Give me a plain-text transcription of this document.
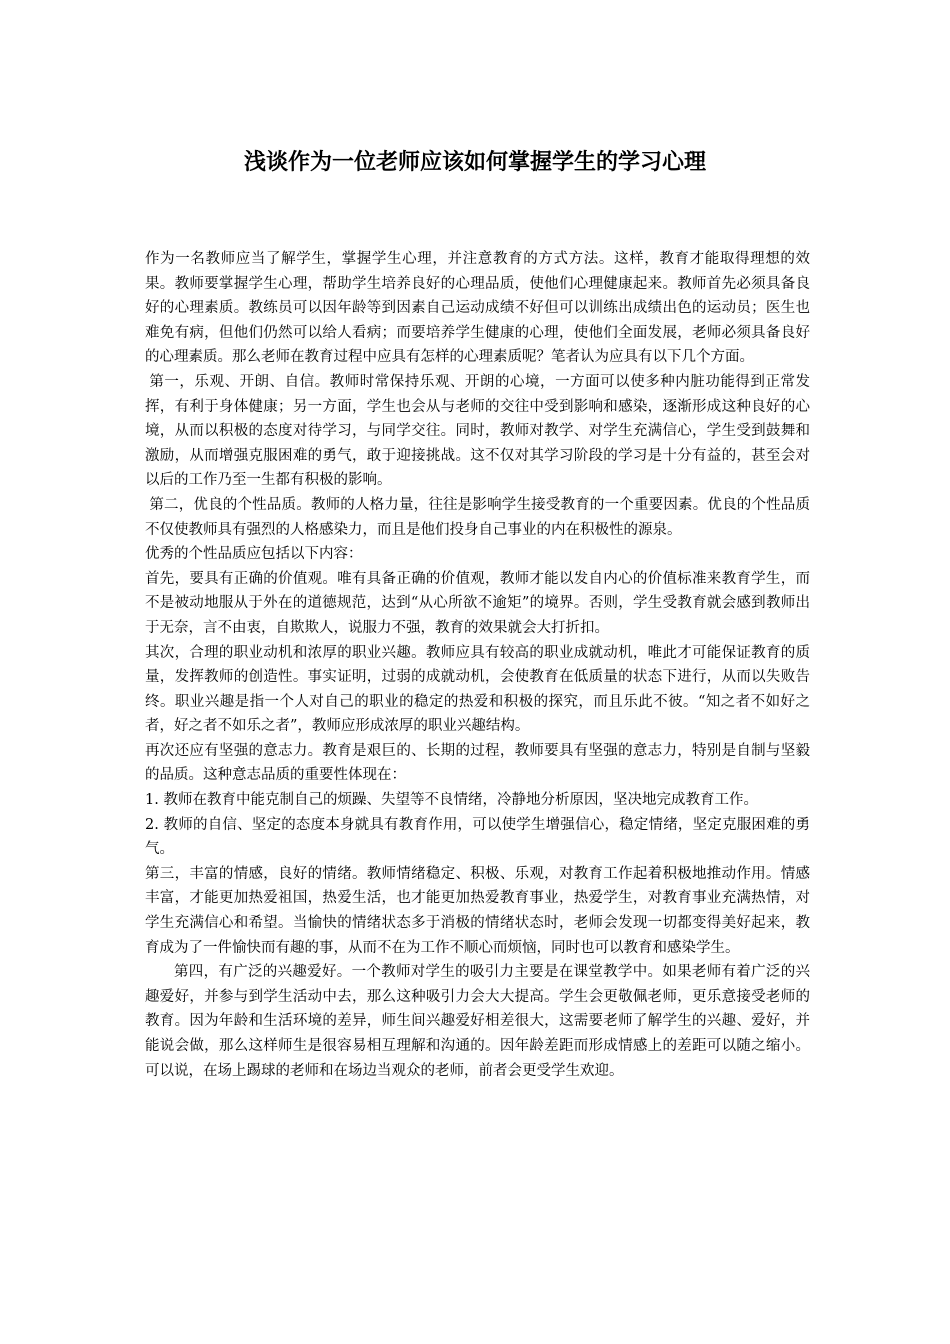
浅谈作为一位老师应该如何掌握学生的学习心理

作为一名教师应当了解学生，掌握学生心理，并注意教育的方式方法。这样，教育才能取得理想的效果。教师要掌握学生心理，帮助学生培养良好的心理品质，使他们心理健康起来。教师首先必须具备良好的心理素质。教练员可以因年龄等到因素自己运动成绩不好但可以训练出成绩出色的运动员；医生也难免有病，但他们仍然可以给人看病；而要培养学生健康的心理，使他们全面发展，老师必须具备良好的心理素质。那么老师在教育过程中应具有怎样的心理素质呢？笔者认为应具有以下几个方面。

第一，乐观、开朗、自信。教师时常保持乐观、开朗的心境，一方面可以使多种内脏功能得到正常发挥，有利于身体健康；另一方面，学生也会从与老师的交往中受到影响和感染，逐渐形成这种良好的心境，从而以积极的态度对待学习，与同学交往。同时，教师对教学、对学生充满信心，学生受到鼓舞和激励，从而增强克服困难的勇气，敢于迎接挑战。这不仅对其学习阶段的学习是十分有益的，甚至会对以后的工作乃至一生都有积极的影响。

第二，优良的个性品质。教师的人格力量，往往是影响学生接受教育的一个重要因素。优良的个性品质不仅使教师具有强烈的人格感染力，而且是他们投身自己事业的内在积极性的源泉。

优秀的个性品质应包括以下内容：

首先，要具有正确的价值观。唯有具备正确的价值观，教师才能以发自内心的价值标准来教育学生，而不是被动地服从于外在的道德规范，达到“从心所欲不逾矩”的境界。否则，学生受教育就会感到教师出于无奈，言不由衷，自欺欺人，说服力不强，教育的效果就会大打折扣。

其次，合理的职业动机和浓厚的职业兴趣。教师应具有较高的职业成就动机，唯此才可能保证教育的质量，发挥教师的创造性。事实证明，过弱的成就动机，会使教育在低质量的状态下进行，从而以失败告终。职业兴趣是指一个人对自己的职业的稳定的热爱和积极的探究，而且乐此不彼。“知之者不如好之者，好之者不如乐之者”，教师应形成浓厚的职业兴趣结构。

再次还应有坚强的意志力。教育是艰巨的、长期的过程，教师要具有坚强的意志力，特别是自制与坚毅的品质。这种意志品质的重要性体现在：

1. 教师在教育中能克制自己的烦躁、失望等不良情绪，冷静地分析原因，坚决地完成教育工作。

2. 教师的自信、坚定的态度本身就具有教育作用，可以使学生增强信心，稳定情绪，坚定克服困难的勇气。

第三，丰富的情感，良好的情绪。教师情绪稳定、积极、乐观，对教育工作起着积极地推动作用。情感丰富，才能更加热爱祖国，热爱生活，也才能更加热爱教育事业，热爱学生，对教育事业充满热情，对学生充满信心和希望。当愉快的情绪状态多于消极的情绪状态时，老师会发现一切都变得美好起来，教育成为了一件愉快而有趣的事，从而不在为工作不顺心而烦恼，同时也可以教育和感染学生。

第四，有广泛的兴趣爱好。一个教师对学生的吸引力主要是在课堂教学中。如果老师有着广泛的兴趣爱好，并参与到学生活动中去，那么这种吸引力会大大提高。学生会更敬佩老师，更乐意接受老师的教育。因为年龄和生活环境的差异，师生间兴趣爱好相差很大，这需要老师了解学生的兴趣、爱好，并能说会做，那么这样师生是很容易相互理解和沟通的。因年龄差距而形成情感上的差距可以随之缩小。可以说，在场上踢球的老师和在场边当观众的老师，前者会更受学生欢迎。
